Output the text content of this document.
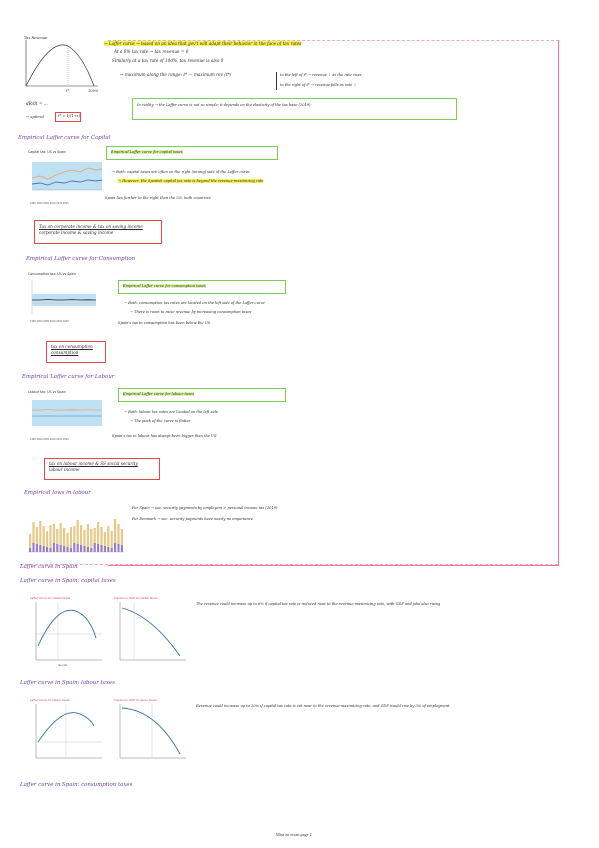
Tax Revenue
t*	100%
→ Laffer curve → based on an idea that gov't will adapt their behavior in the face of tax rates
At a 0% tax rate → tax revenue = 0
Similarly at a tax rate of 100%, tax revenue is also 0
→ maximum along the range: t* — maximum rev (t*)	to the left of t* → revenue ↑ as the rate rises
to the right of t* → revenue falls as rate ↑
dR/dt = ...
→ optimal	t* = 1/(1+ε)
In reality → the Laffer curve is not so simple; it depends on the elasticity of the tax base (2019)
Empirical Laffer curve for Capital
Capital tax: US vs Spain
1995 2000 2005 2010 2015 2020
Empirical Laffer curve for capital taxes
→ Both: capital taxes are often on the right (wrong) side of the Laffer curve
→ However: the Spanish capital tax rate is beyond the revenue-maximizing rate
Spain lies further to the right than the US; both countries
Tax on corporate income & tax on saving income
corporate income & saving income
Empirical Laffer curve for Consumption
Consumption tax: US vs Spain
1995 2000 2005 2010 2015 2020
Empirical Laffer curve for consumption taxes
→ Both: consumption tax rates are located on the left side of the Laffer curve
→ There is room to raise revenue by increasing consumption taxes
Spain's tax in consumption has been below the US
tax on consumption
consumption
Empirical Laffer curve for Labour
Labour tax: US vs Spain
1995 2000 2005 2010 2015 2020
Empirical Laffer curve for labour taxes
→ Both: labour tax rates are located on the left side
→ The peak of the curve is flatter
Spain's tax in labour has always been bigger than the US
tax on labour income & SS social security
labour income
Empirical laws in labour
For Spain → soc. security payments by employers > personal income tax (2019)
For Denmark → soc. security payments have nearly no importance
Laffer curve in Spain
Laffer curve in Spain: capital taxes
Laffer curve for capital taxes
tax rate
Impact on GDP of capital taxes
The revenue could increase up to 6% if capital tax rate is reduced near to the revenue-maximizing rate, with GDP and jobs also rising
Laffer curve in Spain: labour taxes
Laffer curve for labour taxes	Impact on GDP of labour taxes
Revenue could increase up to 20% if capital tax rate is cut near to the revenue-maximizing rate, and GDP would rise by 3% of employment
Laffer curve in Spain: consumption taxes
Mise en ecran page 2
